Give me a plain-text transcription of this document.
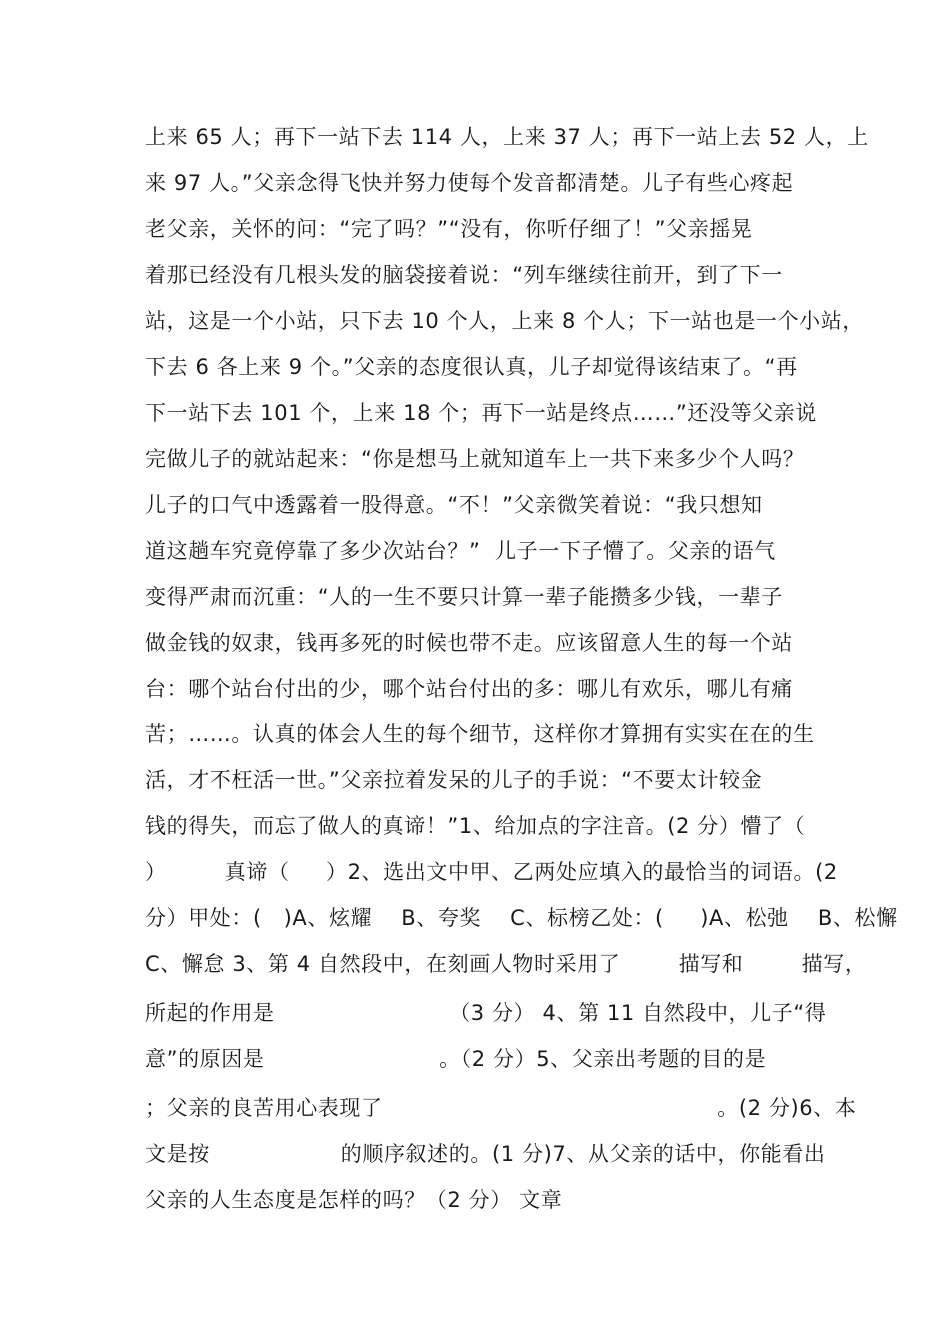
上来 65 人；再下一站下去 114 人，上来 37 人；再下一站上去 52 人，上
来 97 人。”父亲念得飞快并努力使每个发音都清楚。儿子有些心疼起
老父亲，关怀的问：“完了吗？”“没有，你听仔细了！”父亲摇晃
着那已经没有几根头发的脑袋接着说：“列车继续往前开，到了下一
站，这是一个小站，只下去 10 个人，上来 8 个人；下一站也是一个小站，
下去 6 各上来 9 个。”父亲的态度很认真，儿子却觉得该结束了。“再
下一站下去 101 个，上来 18 个；再下一站是终点……”还没等父亲说
完做儿子的就站起来：“你是想马上就知道车上一共下来多少个人吗？
儿子的口气中透露着一股得意。“不！”父亲微笑着说：“我只想知
道这趟车究竟停靠了多少次站台？”  儿子一下子懵了。父亲的语气
变得严肃而沉重：“人的一生不要只计算一辈子能攒多少钱，一辈子
做金钱的奴隶，钱再多死的时候也带不走。应该留意人生的每一个站
台：哪个站台付出的少，哪个站台付出的多：哪儿有欢乐，哪儿有痛
苦；……。认真的体会人生的每个细节，这样你才算拥有实实在在的生
活，才不枉活一世。”父亲拉着发呆的儿子的手说：“不要太计较金
钱的得失，而忘了做人的真谛！”1、给加点的字注音。(2 分）懵了（
）        真谛（     ）2、选出文中甲、乙两处应填入的最恰当的词语。(2
分）甲处：(   )A、炫耀    B、夸奖    C、标榜乙处：(     )A、松弛    B、松懈
C、懈怠 3、第 4 自然段中，在刻画人物时采用了        描写和        描写，
所起的作用是                        （3 分） 4、第 11 自然段中，儿子“得
意”的原因是                        。（2 分）5、父亲出考题的目的是
；父亲的良苦用心表现了                                              。(2 分)6、本
文是按                  的顺序叙述的。(1 分)7、从父亲的话中，你能看出
父亲的人生态度是怎样的吗？（2 分） 文章
